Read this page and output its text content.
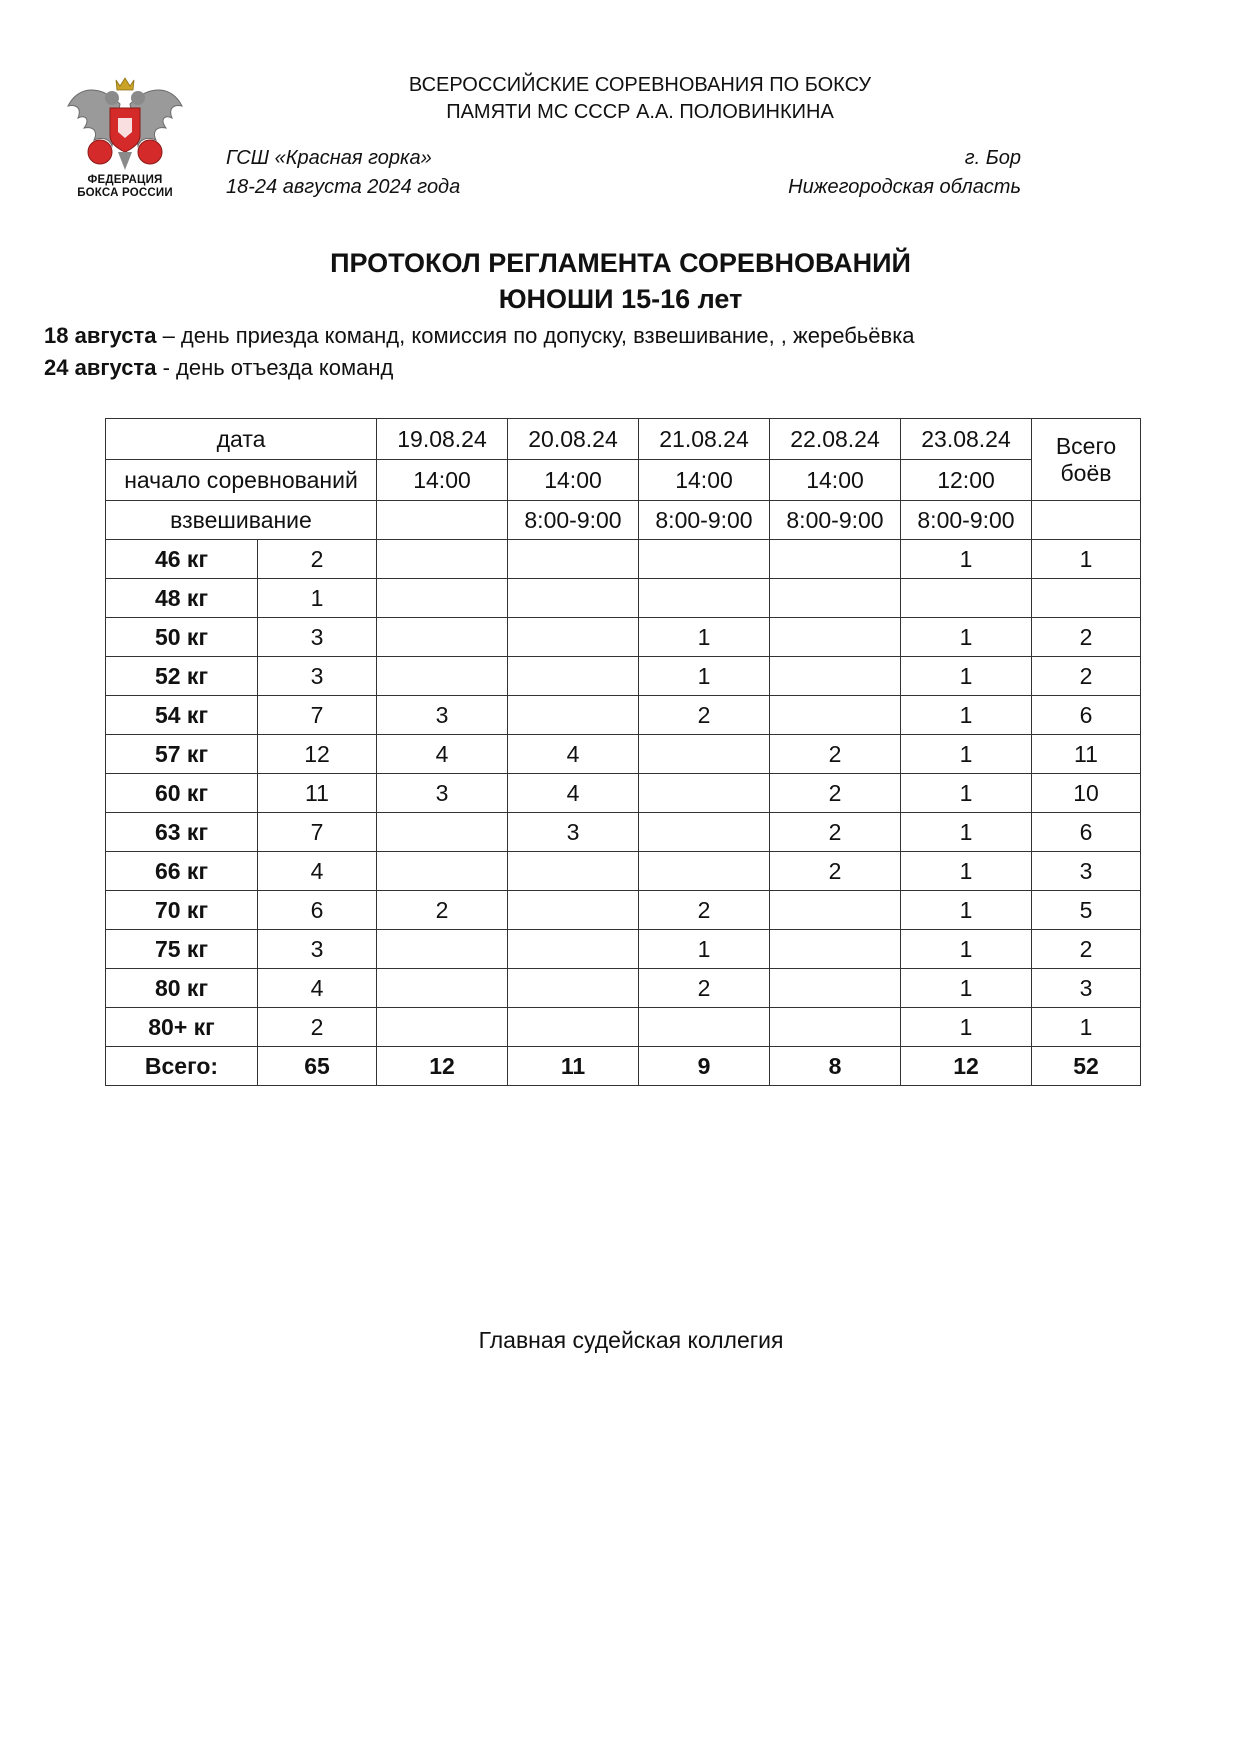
ФЕДЕРАЦИЯ
БОКСА РОССИИ
ВСЕРОССИЙСКИЕ СОРЕВНОВАНИЯ ПО БОКСУ
ПАМЯТИ МС СССР А.А. ПОЛОВИНКИНА
ГСШ «Красная горка»
18-24 августа 2024 года
г. Бор
Нижегородская область
ПРОТОКОЛ РЕГЛАМЕНТА СОРЕВНОВАНИЙ
ЮНОШИ 15-16 лет
18 августа – день приезда команд, комиссия по допуску, взвешивание, , жеребьёвка
24 августа - день отъезда команд
дата		19.08.24	20.08.24	21.08.24	22.08.24	23.08.24	Всего
боёв

начало соревнований		14:00	14:00	14:00	14:00	12:00	
взвешивание			8:00-9:00	8:00-9:00	8:00-9:00	8:00-9:00	
46 кг	2					1	1
48 кг	1						
50 кг	3			1		1	2
52 кг	3			1		1	2
54 кг	7	3		2		1	6
57 кг	12	4	4		2	1	11
60 кг	11	3	4		2	1	10
63 кг	7		3		2	1	6
66 кг	4				2	1	3
70 кг	6	2		2		1	5
75 кг	3			1		1	2
80 кг	4			2		1	3
80+ кг	2					1	1
Всего:	65	12	11	9	8	12	52
Главная судейская коллегия
